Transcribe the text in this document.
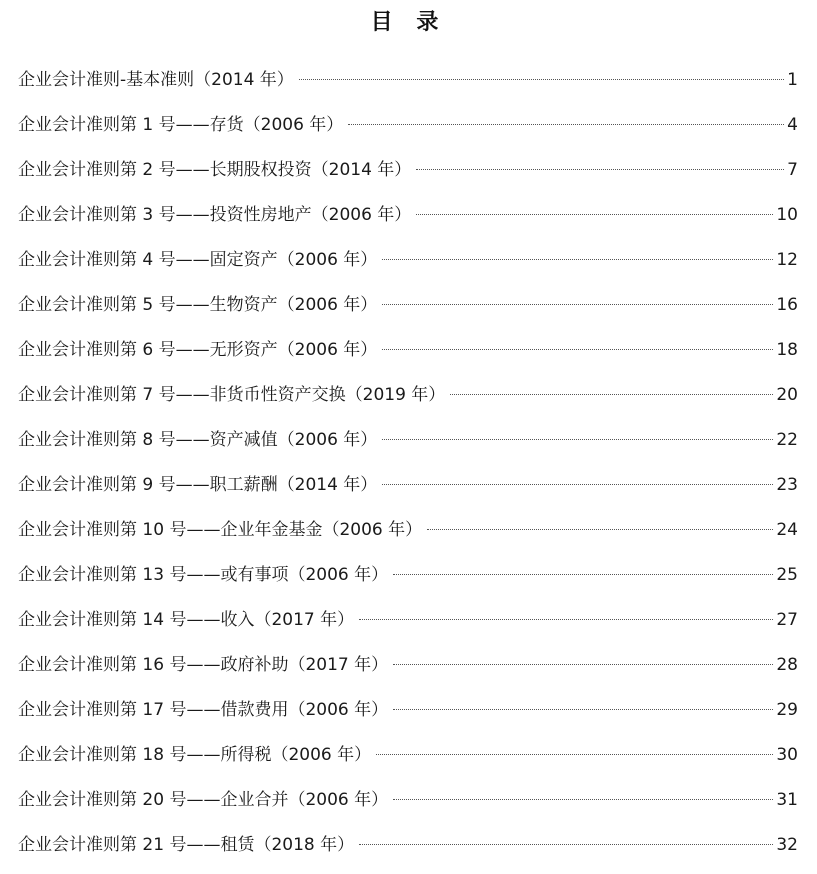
目 录
企业会计准则-基本准则（2014 年）	1
企业会计准则第 1 号——存货（2006 年）	4
企业会计准则第 2 号——长期股权投资（2014 年）	7
企业会计准则第 3 号——投资性房地产（2006 年）	10
企业会计准则第 4 号——固定资产（2006 年）	12
企业会计准则第 5 号——生物资产（2006 年）	16
企业会计准则第 6 号——无形资产（2006 年）	18
企业会计准则第 7 号——非货币性资产交换（2019 年）	20
企业会计准则第 8 号——资产减值（2006 年）	22
企业会计准则第 9 号——职工薪酬（2014 年）	23
企业会计准则第 10 号——企业年金基金（2006 年）	24
企业会计准则第 13 号——或有事项（2006 年）	25
企业会计准则第 14 号——收入（2017 年）	27
企业会计准则第 16 号——政府补助（2017 年）	28
企业会计准则第 17 号——借款费用（2006 年）	29
企业会计准则第 18 号——所得税（2006 年）	30
企业会计准则第 20 号——企业合并（2006 年）	31
企业会计准则第 21 号——租赁（2018 年）	32
